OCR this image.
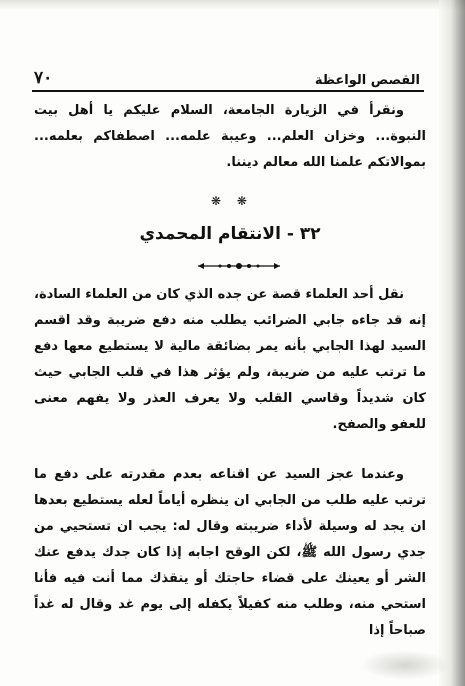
٧٠	القصص الواعظة

ونقرأ في الزيارة الجامعة، السلام عليكم يا أهل بيت النبوة... وخزان العلم... وعيبة علمه... اصطفاكم بعلمه... بموالاتكم علمنا الله معالم ديننا.

❋ ❋
٣٢ - الانتقام المحمدي

نقل أحد العلماء قصة عن جده الذي كان من العلماء السادة، إنه قد جاءه جابي الضرائب يطلب منه دفع ضريبة وقد اقسم السيد لهذا الجابي بأنه يمر بضائقة مالية لا يستطيع معها دفع ما ترتب عليه من ضريبة، ولم يؤثر هذا في قلب الجابي حيث كان شديداً وقاسي القلب ولا يعرف العذر ولا يفهم معنى للعفو والصفح.

وعندما عجز السيد عن اقناعه بعدم مقدرته على دفع ما ترتب عليه طلب من الجابي ان ينظره أياماً لعله يستطيع بعدها ان يجد له وسيلة لأداء ضريبته وقال له: يجب ان تستحيي من جدي رسول الله ﷺ، لكن الوقح اجابه إذا كان جدك يدفع عنك الشر أو يعينك على قضاء حاجتك أو ينقذك مما أنت فيه فأنا استحي منه، وطلب منه كفيلاً يكفله إلى يوم غد وقال له غداً صباحاً إذا
